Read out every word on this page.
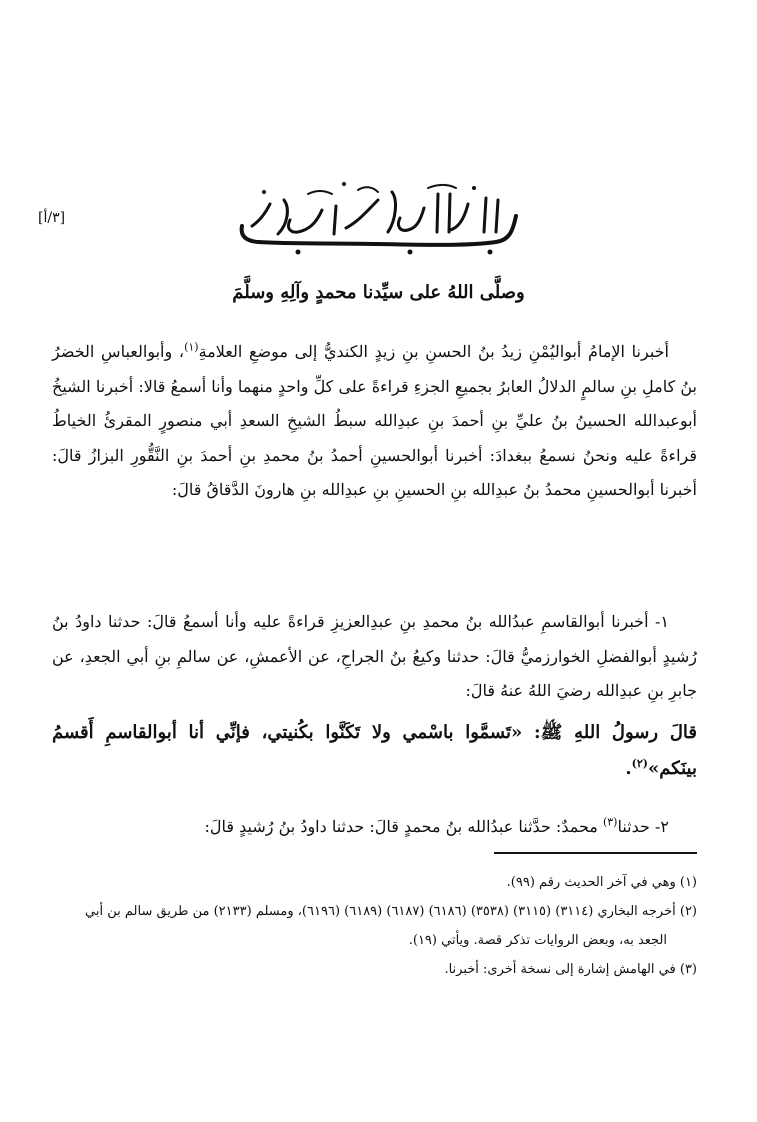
[٣/أ]
وصلَّى اللهُ على سيِّدنا محمدٍ وآلِهِ وسلَّمَ

أخبرنا الإمامُ أبواليُمْنِ زيدُ بنُ الحسنِ بنِ زيدٍ الكنديُّ إلى موضعِ العلامةِ$^{(١)}$، وأبوالعباسِ الخضرُ بنُ كاملِ بنِ سالمٍ الدلالُ العابرُ بجميعِ الجزءِ قراءةً على كلِّ واحدٍ منهما وأنا أسمعُ قالا: أخبرنا الشيخُ أبوعبدالله الحسينُ بنُ عليِّ بنِ أحمدَ بنِ عبدِالله سبطُ الشيخِ السعدِ أبي منصورٍ المقرئُ الخياطُ قراءةً عليه ونحنُ نسمعُ ببغدادَ: أخبرنا أبوالحسينِ أحمدُ بنُ محمدِ بنِ أحمدَ بنِ النَّقُّورِ البزازُ قالَ: أخبرنا أبوالحسينِ محمدُ بنُ عبدِالله بنِ الحسينِ بنِ عبدِالله بنِ هارونَ الدَّقاقُ قالَ:

١- أخبرنا أبوالقاسمِ عبدُالله بنُ محمدِ بنِ عبدِالعزيزِ قراءةً عليه وأنا أسمعُ قالَ: حدثنا داودُ بنُ رُشيدٍ أبوالفضلِ الخوارزميُّ قالَ: حدثنا وكيعُ بنُ الجراحِ، عن الأعمشِ، عن سالمِ بنِ أبي الجعدِ، عن جابرِ بنِ عبدِالله رضيَ اللهُ عنهُ قالَ:

قالَ رسولُ اللهِ ﷺ: «تَسمَّوا باسْمي ولا تَكَنَّوا بكُنيتي، فإنِّي أنا أبوالقاسمِ أَقسمُ بينَكم»$^{(٢)}$.

٢- حدثنا$^{(٣)}$ محمدٌ: حدَّثنا عبدُالله بنُ محمدٍ قالَ: حدثنا داودُ بنُ رُشيدٍ قالَ:

(١) وهي في آخر الحديث رقم (٩٩).

(٢) أخرجه البخاري (٣١١٤) (٣١١٥) (٣٥٣٨) (٦١٨٦) (٦١٨٧) (٦١٨٩) (٦١٩٦)، ومسلم (٢١٣٣) من طريق سالم بن أبي الجعد به، وبعض الروايات تذكر قصة. ويأتي (١٩).

(٣) في الهامش إشارة إلى نسخة أخرى: أخبرنا.
